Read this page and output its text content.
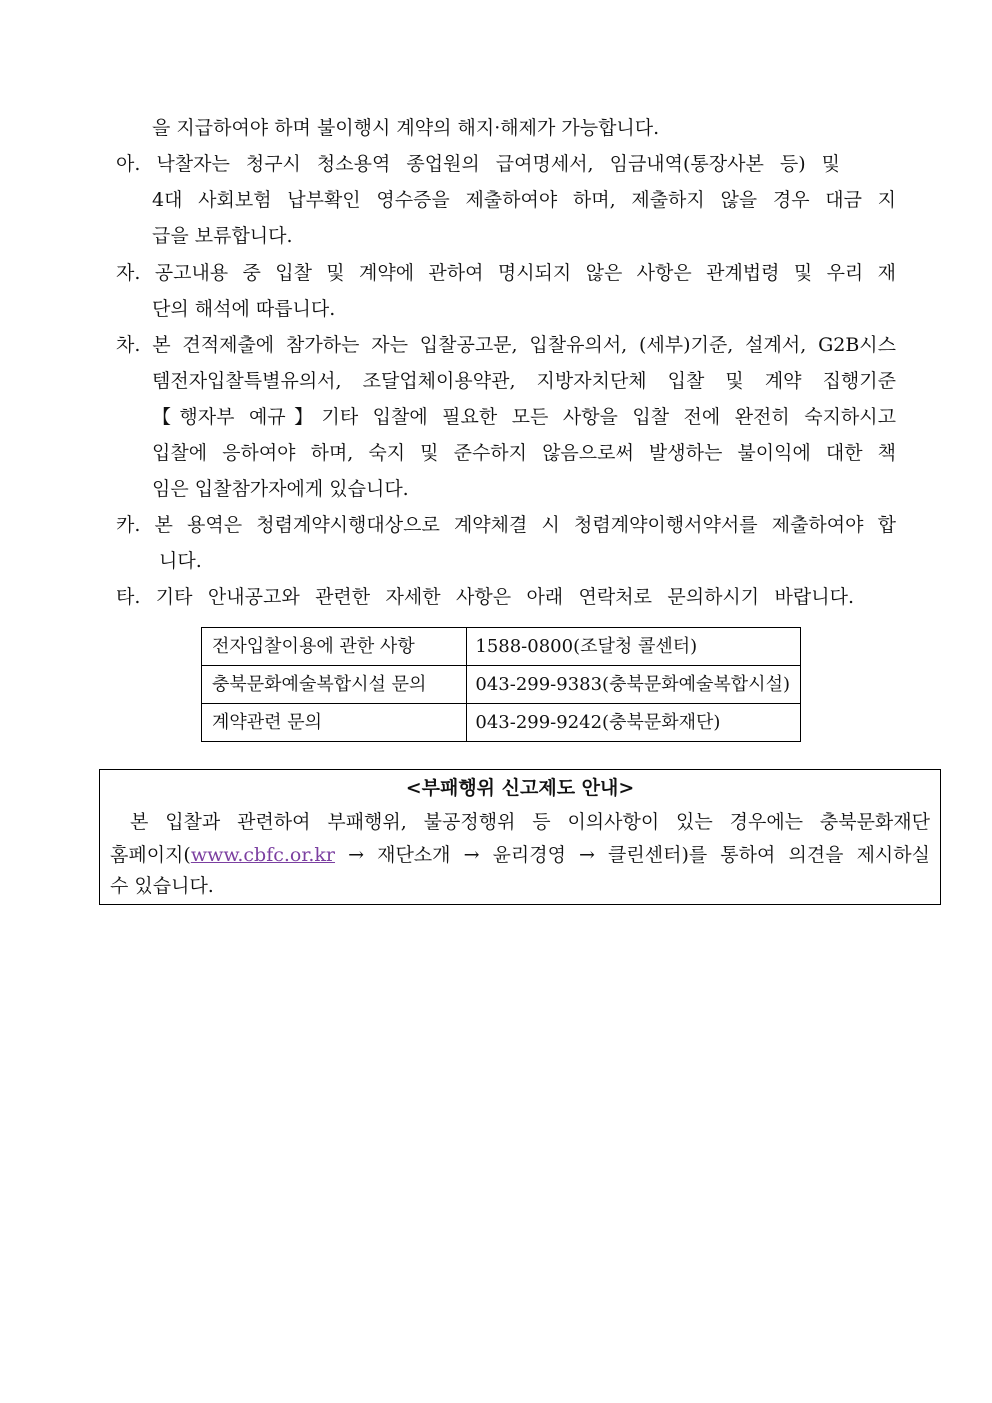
을 지급하여야 하며 불이행시 계약의 해지·해제가 가능합니다.
아. 낙찰자는 청구시 청소용역 종업원의 급여명세서, 임금내역(통장사본 등) 및
4대 사회보험 납부확인 영수증을 제출하여야 하며, 제출하지 않을 경우 대금 지
급을 보류합니다.
자. 공고내용 중 입찰 및 계약에 관하여 명시되지 않은 사항은 관계법령 및 우리 재
단의 해석에 따릅니다.
차. 본 견적제출에 참가하는 자는 입찰공고문, 입찰유의서, (세부)기준, 설계서, G2B시스
템전자입찰특별유의서, 조달업체이용약관, 지방자치단체 입찰 및 계약 집행기준
【행자부 예규】기타 입찰에 필요한 모든 사항을 입찰 전에 완전히 숙지하시고
입찰에 응하여야 하며, 숙지 및 준수하지 않음으로써 발생하는 불이익에 대한 책
임은 입찰참가자에게 있습니다.
카. 본 용역은 청렴계약시행대상으로 계약체결 시 청렴계약이행서약서를 제출하여야 합
니다.
타. 기타 안내공고와 관련한 자세한 사항은 아래 연락처로 문의하시기 바랍니다.
전자입찰이용에 관한 사항	1588-0800(조달청 콜센터)
충북문화예술복합시설 문의	043-299-9383(충북문화예술복합시설)
계약관련 문의	043-299-9242(충북문화재단)
<부패행위 신고제도 안내>
본 입찰과 관련하여 부패행위, 불공정행위 등 이의사항이 있는 경우에는 충북문화재단
홈페이지(www.cbfc.or.kr → 재단소개 → 윤리경영 → 클린센터)를 통하여 의견을 제시하실
수 있습니다.
